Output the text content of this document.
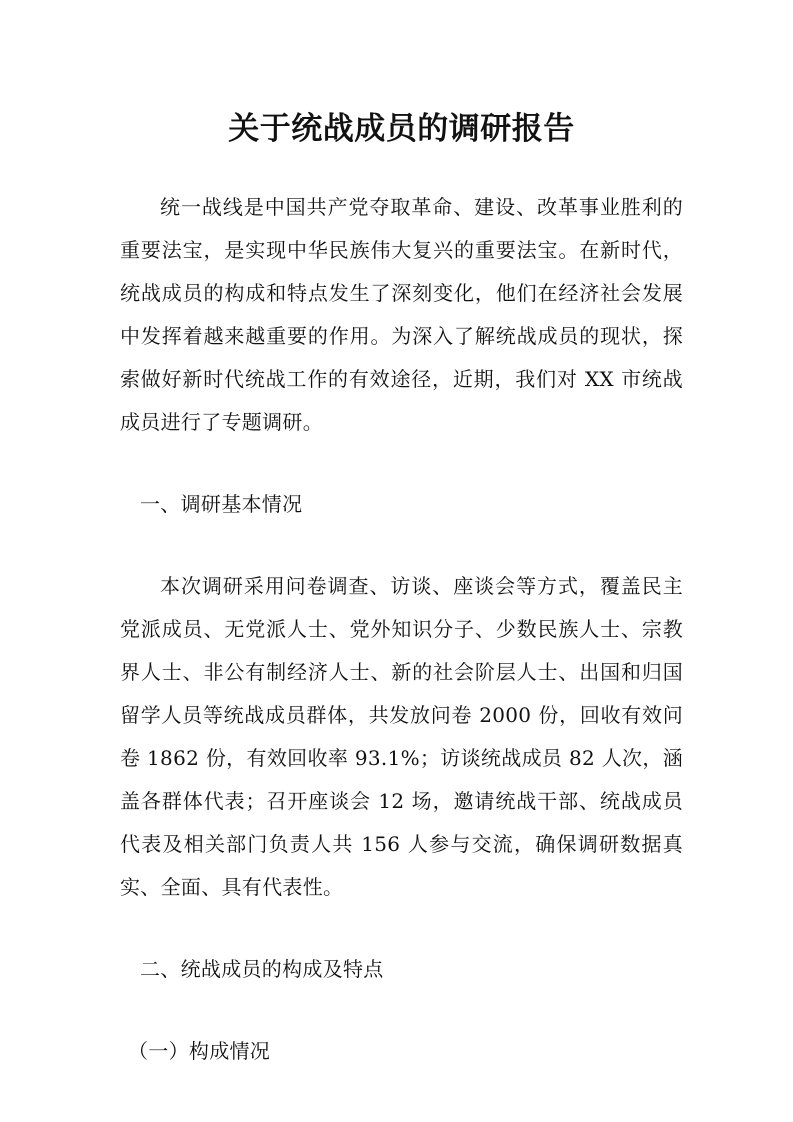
关于统战成员的调研报告

统一战线是中国共产党夺取革命、建设、改革事业胜利的重要法宝，是实现中华民族伟大复兴的重要法宝。在新时代，统战成员的构成和特点发生了深刻变化，他们在经济社会发展中发挥着越来越重要的作用。为深入了解统战成员的现状，探索做好新时代统战工作的有效途径，近期，我们对 XX 市统战成员进行了专题调研。

一、调研基本情况

本次调研采用问卷调查、访谈、座谈会等方式，覆盖民主党派成员、无党派人士、党外知识分子、少数民族人士、宗教界人士、非公有制经济人士、新的社会阶层人士、出国和归国留学人员等统战成员群体，共发放问卷 2000 份，回收有效问卷 1862 份，有效回收率 93.1%；访谈统战成员 82 人次，涵盖各群体代表；召开座谈会 12 场，邀请统战干部、统战成员代表及相关部门负责人共 156 人参与交流，确保调研数据真实、全面、具有代表性。

二、统战成员的构成及特点

（一）构成情况
